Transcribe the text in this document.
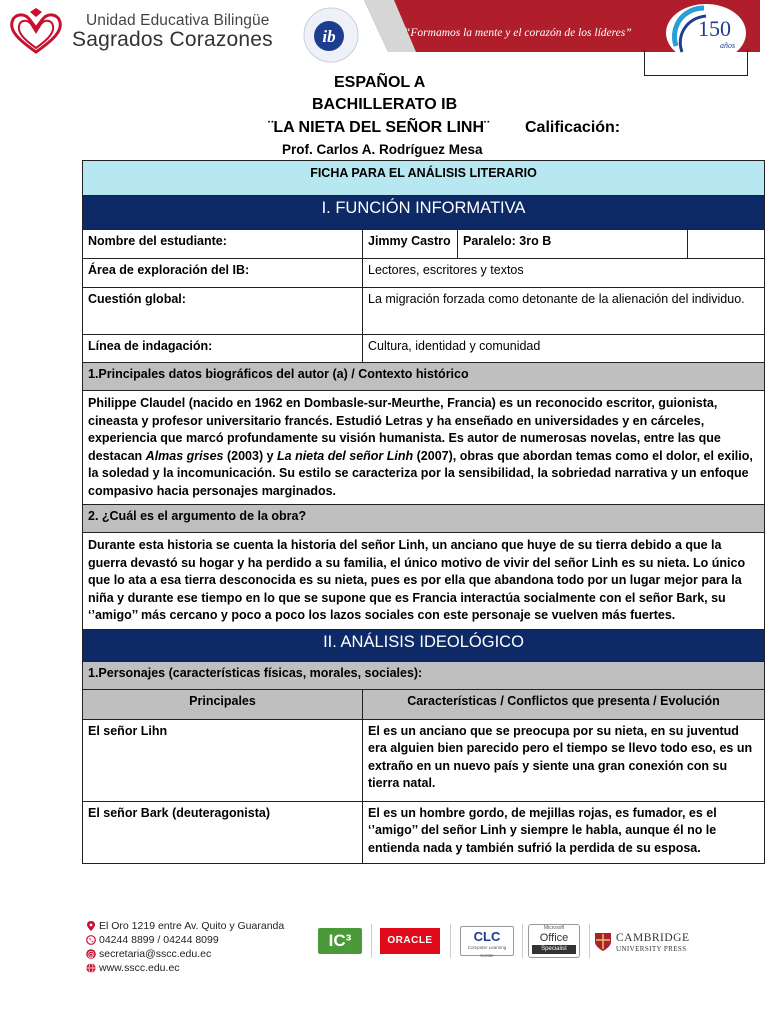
Unidad Educativa Bilingüe
Sagrados Corazones	ib	“Formamos la mente y el corazón de los líderes”	150
años
ESPAÑOL A
BACHILLERATO IB
¨LA NIETA DEL SEÑOR LINH¨ Calificación:
Prof. Carlos A. Rodríguez Mesa
FICHA PARA EL ANÁLISIS LITERARIO			
I. FUNCIÓN INFORMATIVA			
Nombre del estudiante:	Jimmy Castro	Paralelo: 3ro B	
Área de exploración del IB:	Lectores, escritores y textos		
Cuestión global:	La migración forzada como detonante de la alienación del individuo.		
Línea de indagación:	Cultura, identidad y comunidad		
1.Principales datos biográficos del autor (a) / Contexto histórico			
Philippe Claudel (nacido en 1962 en Dombasle-sur-Meurthe, Francia) es un reconocido escritor, guionista, cineasta y profesor universitario francés. Estudió Letras y ha enseñado en universidades y en cárceles, experiencia que marcó profundamente su visión humanista. Es autor de numerosas novelas, entre las que destacan Almas grises (2003) y La nieta del señor Linh (2007), obras que abordan temas como el dolor, el exilio, la soledad y la incomunicación. Su estilo se caracteriza por la sensibilidad, la sobriedad narrativa y un enfoque compasivo hacia personajes marginados.			
2. ¿Cuál es el argumento de la obra?			
Durante esta historia se cuenta la historia del señor Linh, un anciano que huye de su tierra debido a que la guerra devastó su hogar y ha perdido a su familia, el único motivo de vivir del señor Linh es su nieta. Lo único que lo ata a esa tierra desconocida es su nieta, pues es por ella que abandona todo por un lugar mejor para la niña y durante ese tiempo en lo que se supone que es Francia interactúa socialmente con el señor Bark, su ‘’amigo’’ más cercano y poco a poco los lazos sociales con este personaje se vuelven más fuertes.			
II. ANÁLISIS IDEOLÓGICO			
1.Personajes (características físicas, morales, sociales):			
Principales	Características / Conflictos que presenta / Evolución		
El señor Lihn	El es un anciano que se preocupa por su nieta, en su juventud era alguien bien parecido pero el tiempo se llevo todo eso, es un extraño en un nuevo país y siente una gran conexión con su tierra natal.		
El señor Bark (deuteragonista)	El es un hombre gordo, de mejillas rojas, es fumador, es el ‘’amigo’’ del señor Linh y siempre le habla, aunque él no le entienda nada y también sufrió la perdida de su esposa.		
El Oro 1219 entre Av. Quito y Guaranda
04244 8899 / 04244 8099
@ secretaria@sscc.edu.ec
www.sscc.edu.ec
IC³	ORACLE	CLC
Computer Learning Center
Microsoft
Office
Specialist
CAMBRIDGE
UNIVERSITY PRESS
